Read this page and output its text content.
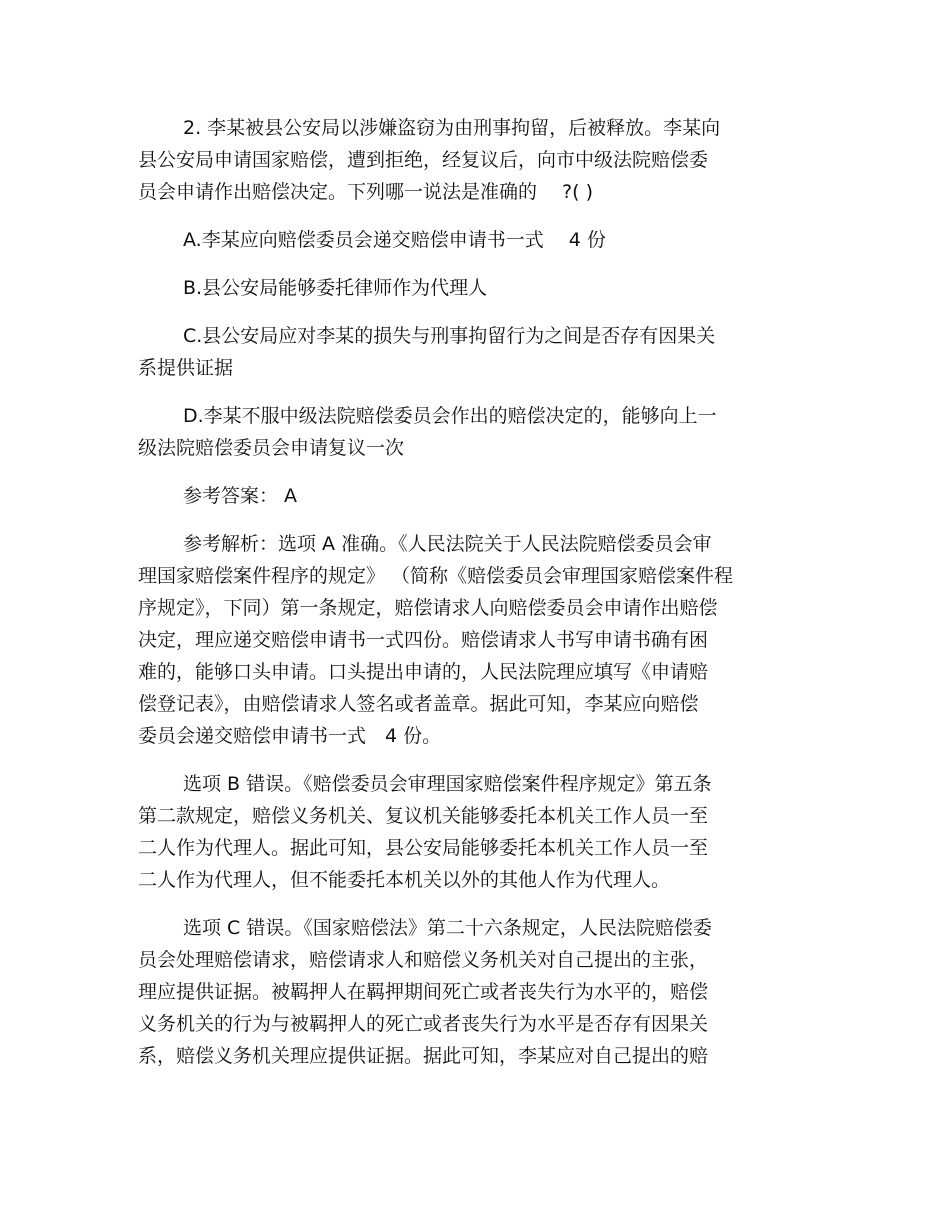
2. 李某被县公安局以涉嫌盗窃为由刑事拘留，后被释放。李某向
县公安局申请国家赔偿，遭到拒绝，经复议后，向市中级法院赔偿委
员会申请作出赔偿决定。下列哪一说法是准确的　 ?( )

A.李某应向赔偿委员会递交赔偿申请书一式　 4 份

B.县公安局能够委托律师作为代理人

C.县公安局应对李某的损失与刑事拘留行为之间是否存有因果关
系提供证据

D.李某不服中级法院赔偿委员会作出的赔偿决定的，能够向上一
级法院赔偿委员会申请复议一次

参考答案： A

参考解析：选项 A 准确。《人民法院关于人民法院赔偿委员会审
理国家赔偿案件程序的规定》 （简称《赔偿委员会审理国家赔偿案件程
序规定》，下同）第一条规定，赔偿请求人向赔偿委员会申请作出赔偿
决定，理应递交赔偿申请书一式四份。赔偿请求人书写申请书确有困
难的，能够口头申请。口头提出申请的，人民法院理应填写《申请赔
偿登记表》，由赔偿请求人签名或者盖章。据此可知，李某应向赔偿
委员会递交赔偿申请书一式　4 份。

选项 B 错误。《赔偿委员会审理国家赔偿案件程序规定》第五条
第二款规定，赔偿义务机关、复议机关能够委托本机关工作人员一至
二人作为代理人。据此可知，县公安局能够委托本机关工作人员一至
二人作为代理人，但不能委托本机关以外的其他人作为代理人。

选项 C 错误。《国家赔偿法》第二十六条规定，人民法院赔偿委
员会处理赔偿请求，赔偿请求人和赔偿义务机关对自己提出的主张，
理应提供证据。被羁押人在羁押期间死亡或者丧失行为水平的，赔偿
义务机关的行为与被羁押人的死亡或者丧失行为水平是否存有因果关
系，赔偿义务机关理应提供证据。据此可知，李某应对自己提出的赔
